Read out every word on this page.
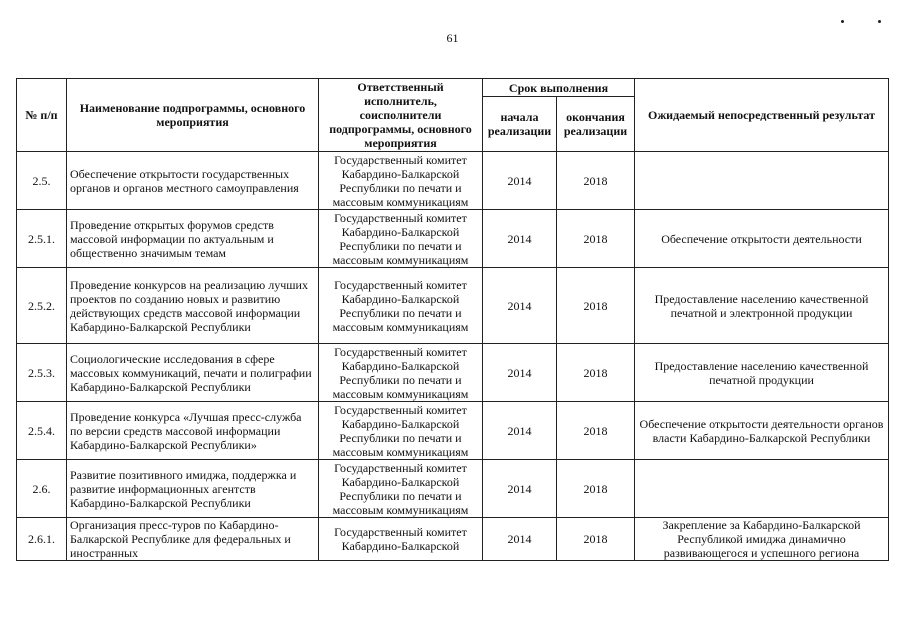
61
№ п/п	Наименование подпрограммы, основного мероприятия	Ответственный исполнитель, соисполнители подпрограммы, основного мероприятия	Срок выполнения		Ожидаемый непосредственный результат
			начала реализации	окончания реализации	
2.5.	Обеспечение открытости государственных органов и органов местного самоуправления	Государственный комитет Кабардино-Балкарской Республики по печати и массовым коммуникациям	2014	2018	
2.5.1.	Проведение открытых форумов средств массовой информации по актуальным и общественно значимым темам	Государственный комитет Кабардино-Балкарской Республики по печати и массовым коммуникациям	2014	2018	Обеспечение открытости деятельности
2.5.2.	Проведение конкурсов на реализацию лучших проектов по созданию новых и развитию действующих средств массовой информации Кабардино-Балкарской Республики	Государственный комитет Кабардино-Балкарской Республики по печати и массовым коммуникациям	2014	2018	Предоставление населению качественной печатной и электронной продукции
2.5.3.	Социологические исследования в сфере массовых коммуникаций, печати и полиграфии Кабардино-Балкарской Республики	Государственный комитет Кабардино-Балкарской Республики по печати и массовым коммуникациям	2014	2018	Предоставление населению качественной печатной продукции
2.5.4.	Проведение конкурса «Лучшая пресс-служба по версии средств массовой информации Кабардино-Балкарской Республики»	Государственный комитет Кабардино-Балкарской Республики по печати и массовым коммуникациям	2014	2018	Обеспечение открытости деятельности органов власти Кабардино-Балкарской Республики
2.6.	Развитие позитивного имиджа, поддержка и развитие информационных агентств Кабардино-Балкарской Республики	Государственный комитет Кабардино-Балкарской Республики по печати и массовым коммуникациям	2014	2018	
2.6.1.	Организация пресс-туров по Кабардино-Балкарской Республике для федеральных и иностранных	Государственный комитет Кабардино-Балкарской	2014	2018	Закрепление за Кабардино-Балкарской Республикой имиджа динамично развивающегося и успешного региона
